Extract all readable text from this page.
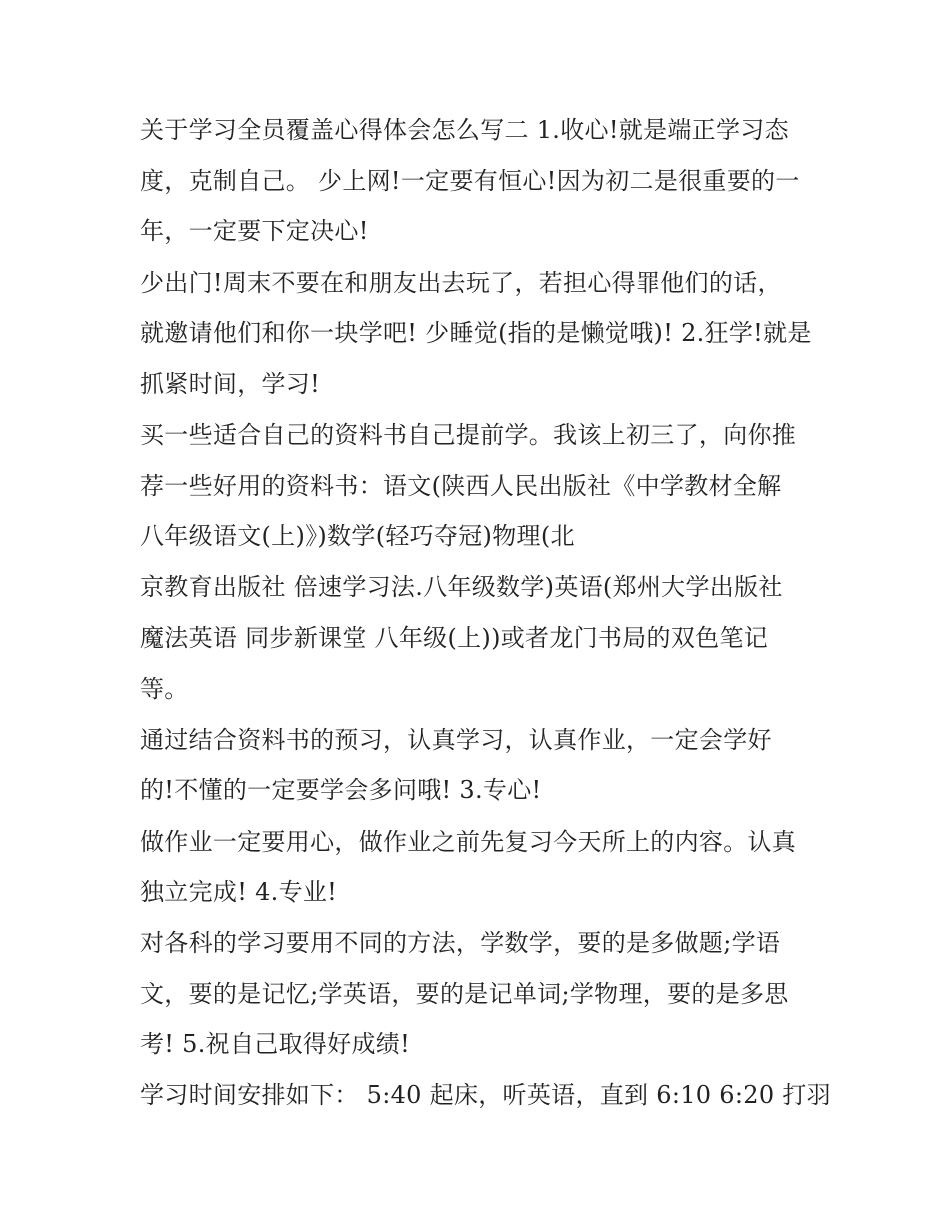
关于学习全员覆盖心得体会怎么写二 1.收心!就是端正学习态
度，克制自己。 少上网!一定要有恒心!因为初二是很重要的一
年，一定要下定决心!
少出门!周末不要在和朋友出去玩了，若担心得罪他们的话，
就邀请他们和你一块学吧! 少睡觉(指的是懒觉哦)! 2.狂学!就是
抓紧时间，学习!
买一些适合自己的资料书自己提前学。我该上初三了，向你推
荐一些好用的资料书：语文(陕西人民出版社《中学教材全解
八年级语文(上)》)数学(轻巧夺冠)物理(北
京教育出版社 倍速学习法.八年级数学)英语(郑州大学出版社
魔法英语 同步新课堂 八年级(上))或者龙门书局的双色笔记
等。
通过结合资料书的预习，认真学习，认真作业，一定会学好
的!不懂的一定要学会多问哦! 3.专心!
做作业一定要用心，做作业之前先复习今天所上的内容。认真
独立完成! 4.专业!
对各科的学习要用不同的方法，学数学，要的是多做题;学语
文，要的是记忆;学英语，要的是记单词;学物理，要的是多思
考! 5.祝自己取得好成绩!
学习时间安排如下： 5:40 起床，听英语，直到 6:10 6:20 打羽
